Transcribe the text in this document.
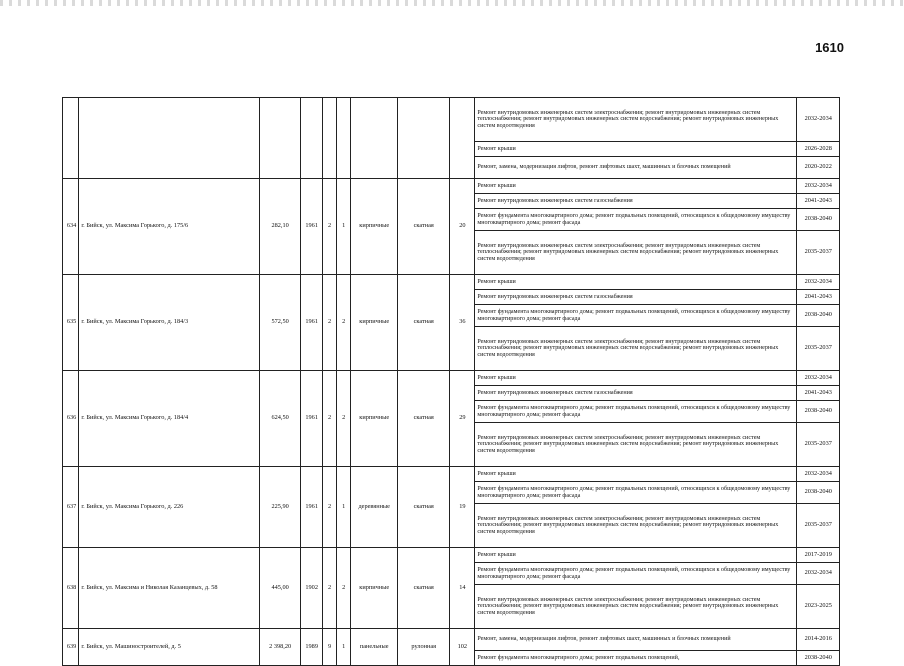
1610
									Ремонт внутридомовых инженерных систем электроснабжения; ремонт внутридомовых инженерных систем теплоснабжения; ремонт внутридомовых инженерных систем водоснабжения; ремонт внутридомовых инженерных систем водоотведения	2032-2034
									Ремонт крыши	2026-2028
									Ремонт, замена, модернизация лифтов, ремонт лифтовых шахт, машинных и блочных помещений	2020-2022
634	г. Бийск, ул. Максима Горького, д. 175/6	282,10	1961	2	1	кирпичные	скатная	20	Ремонт крыши	2032-2034
									Ремонт внутридомовых инженерных систем газоснабжения	2041-2043
									Ремонт фундамента многоквартирного дома; ремонт подвальных помещений, относящихся к общедомовому имуществу многоквартирного дома; ремонт фасада	2038-2040
									Ремонт внутридомовых инженерных систем электроснабжения; ремонт внутридомовых инженерных систем теплоснабжения; ремонт внутридомовых инженерных систем водоснабжения; ремонт внутридомовых инженерных систем водоотведения	2035-2037
635	г. Бийск, ул. Максима Горького, д. 184/3	572,50	1961	2	2	кирпичные	скатная	36	Ремонт крыши	2032-2034
									Ремонт внутридомовых инженерных систем газоснабжения	2041-2043
									Ремонт фундамента многоквартирного дома; ремонт подвальных помещений, относящихся к общедомовому имуществу многоквартирного дома; ремонт фасада	2038-2040
									Ремонт внутридомовых инженерных систем электроснабжения; ремонт внутридомовых инженерных систем теплоснабжения; ремонт внутридомовых инженерных систем водоснабжения; ремонт внутридомовых инженерных систем водоотведения	2035-2037
636	г. Бийск, ул. Максима Горького, д. 184/4	624,50	1961	2	2	кирпичные	скатная	29	Ремонт крыши	2032-2034
									Ремонт внутридомовых инженерных систем газоснабжения	2041-2043
									Ремонт фундамента многоквартирного дома; ремонт подвальных помещений, относящихся к общедомовому имуществу многоквартирного дома; ремонт фасада	2038-2040
									Ремонт внутридомовых инженерных систем электроснабжения; ремонт внутридомовых инженерных систем теплоснабжения; ремонт внутридомовых инженерных систем водоснабжения; ремонт внутридомовых инженерных систем водоотведения	2035-2037
637	г. Бийск, ул. Максима Горького, д. 226	225,90	1961	2	1	деревянные	скатная	19	Ремонт крыши	2032-2034
									Ремонт фундамента многоквартирного дома; ремонт подвальных помещений, относящихся к общедомовому имуществу многоквартирного дома; ремонт фасада	2038-2040
									Ремонт внутридомовых инженерных систем электроснабжения; ремонт внутридомовых инженерных систем теплоснабжения; ремонт внутридомовых инженерных систем водоснабжения; ремонт внутридомовых инженерных систем водоотведения	2035-2037
638	г. Бийск, ул. Максима и Николая Казанцевых, д. 58	445,00	1902	2	2	кирпичные	скатная	14	Ремонт крыши	2017-2019
									Ремонт фундамента многоквартирного дома; ремонт подвальных помещений, относящихся к общедомовому имуществу многоквартирного дома; ремонт фасада	2032-2034
									Ремонт внутридомовых инженерных систем электроснабжения; ремонт внутридомовых инженерных систем теплоснабжения; ремонт внутридомовых инженерных систем водоснабжения; ремонт внутридомовых инженерных систем водоотведения	2023-2025
639	г. Бийск, ул. Машиностроителей, д. 5	2 398,20	1989	9	1	панельные	рулонная	102	Ремонт, замена, модернизация лифтов, ремонт лифтовых шахт, машинных и блочных помещений	2014-2016
									Ремонт фундамента многоквартирного дома; ремонт подвальных помещений,	2038-2040
